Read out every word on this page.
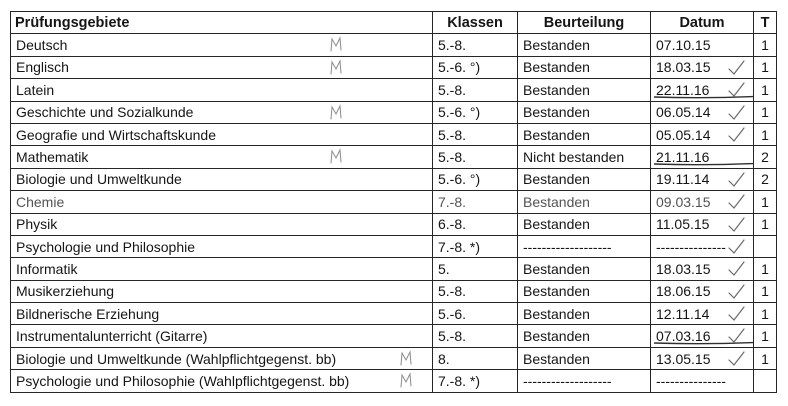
Prüfungsgebiete	Klassen	Beurteilung	Datum	T
Deutsch	5.-8.	Bestanden	07.10.15	1
Englisch	5.-6. °)	Bestanden	18.03.15	1
Latein	5.-8.	Bestanden	22.11.16	1
Geschichte und Sozialkunde	5.-6. °)	Bestanden	06.05.14	1
Geografie und Wirtschaftskunde	5.-8.	Bestanden	05.05.14	1
Mathematik	5.-8.	Nicht bestanden	21.11.16	2
Biologie und Umweltkunde	5.-6. °)	Bestanden	19.11.14	2
Chemie	7.-8.	Bestanden	09.03.15	1
Physik	6.-8.	Bestanden	11.05.15	1
Psychologie und Philosophie	7.-8. *)	-------------------	---------------

Informatik	5.	Bestanden	18.03.15	1
Musikerziehung	5.-8.	Bestanden	18.06.15	1
Bildnerische Erziehung	5.-6.	Bestanden	12.11.14	1
Instrumentalunterricht (Gitarre)	5.-8.	Bestanden	07.03.16	1
Biologie und Umweltkunde (Wahlpflichtgegenst. bb)	8.	Bestanden	13.05.15	1
Psychologie und Philosophie (Wahlpflichtgegenst. bb)	7.-8. *)	-------------------	---------------	
